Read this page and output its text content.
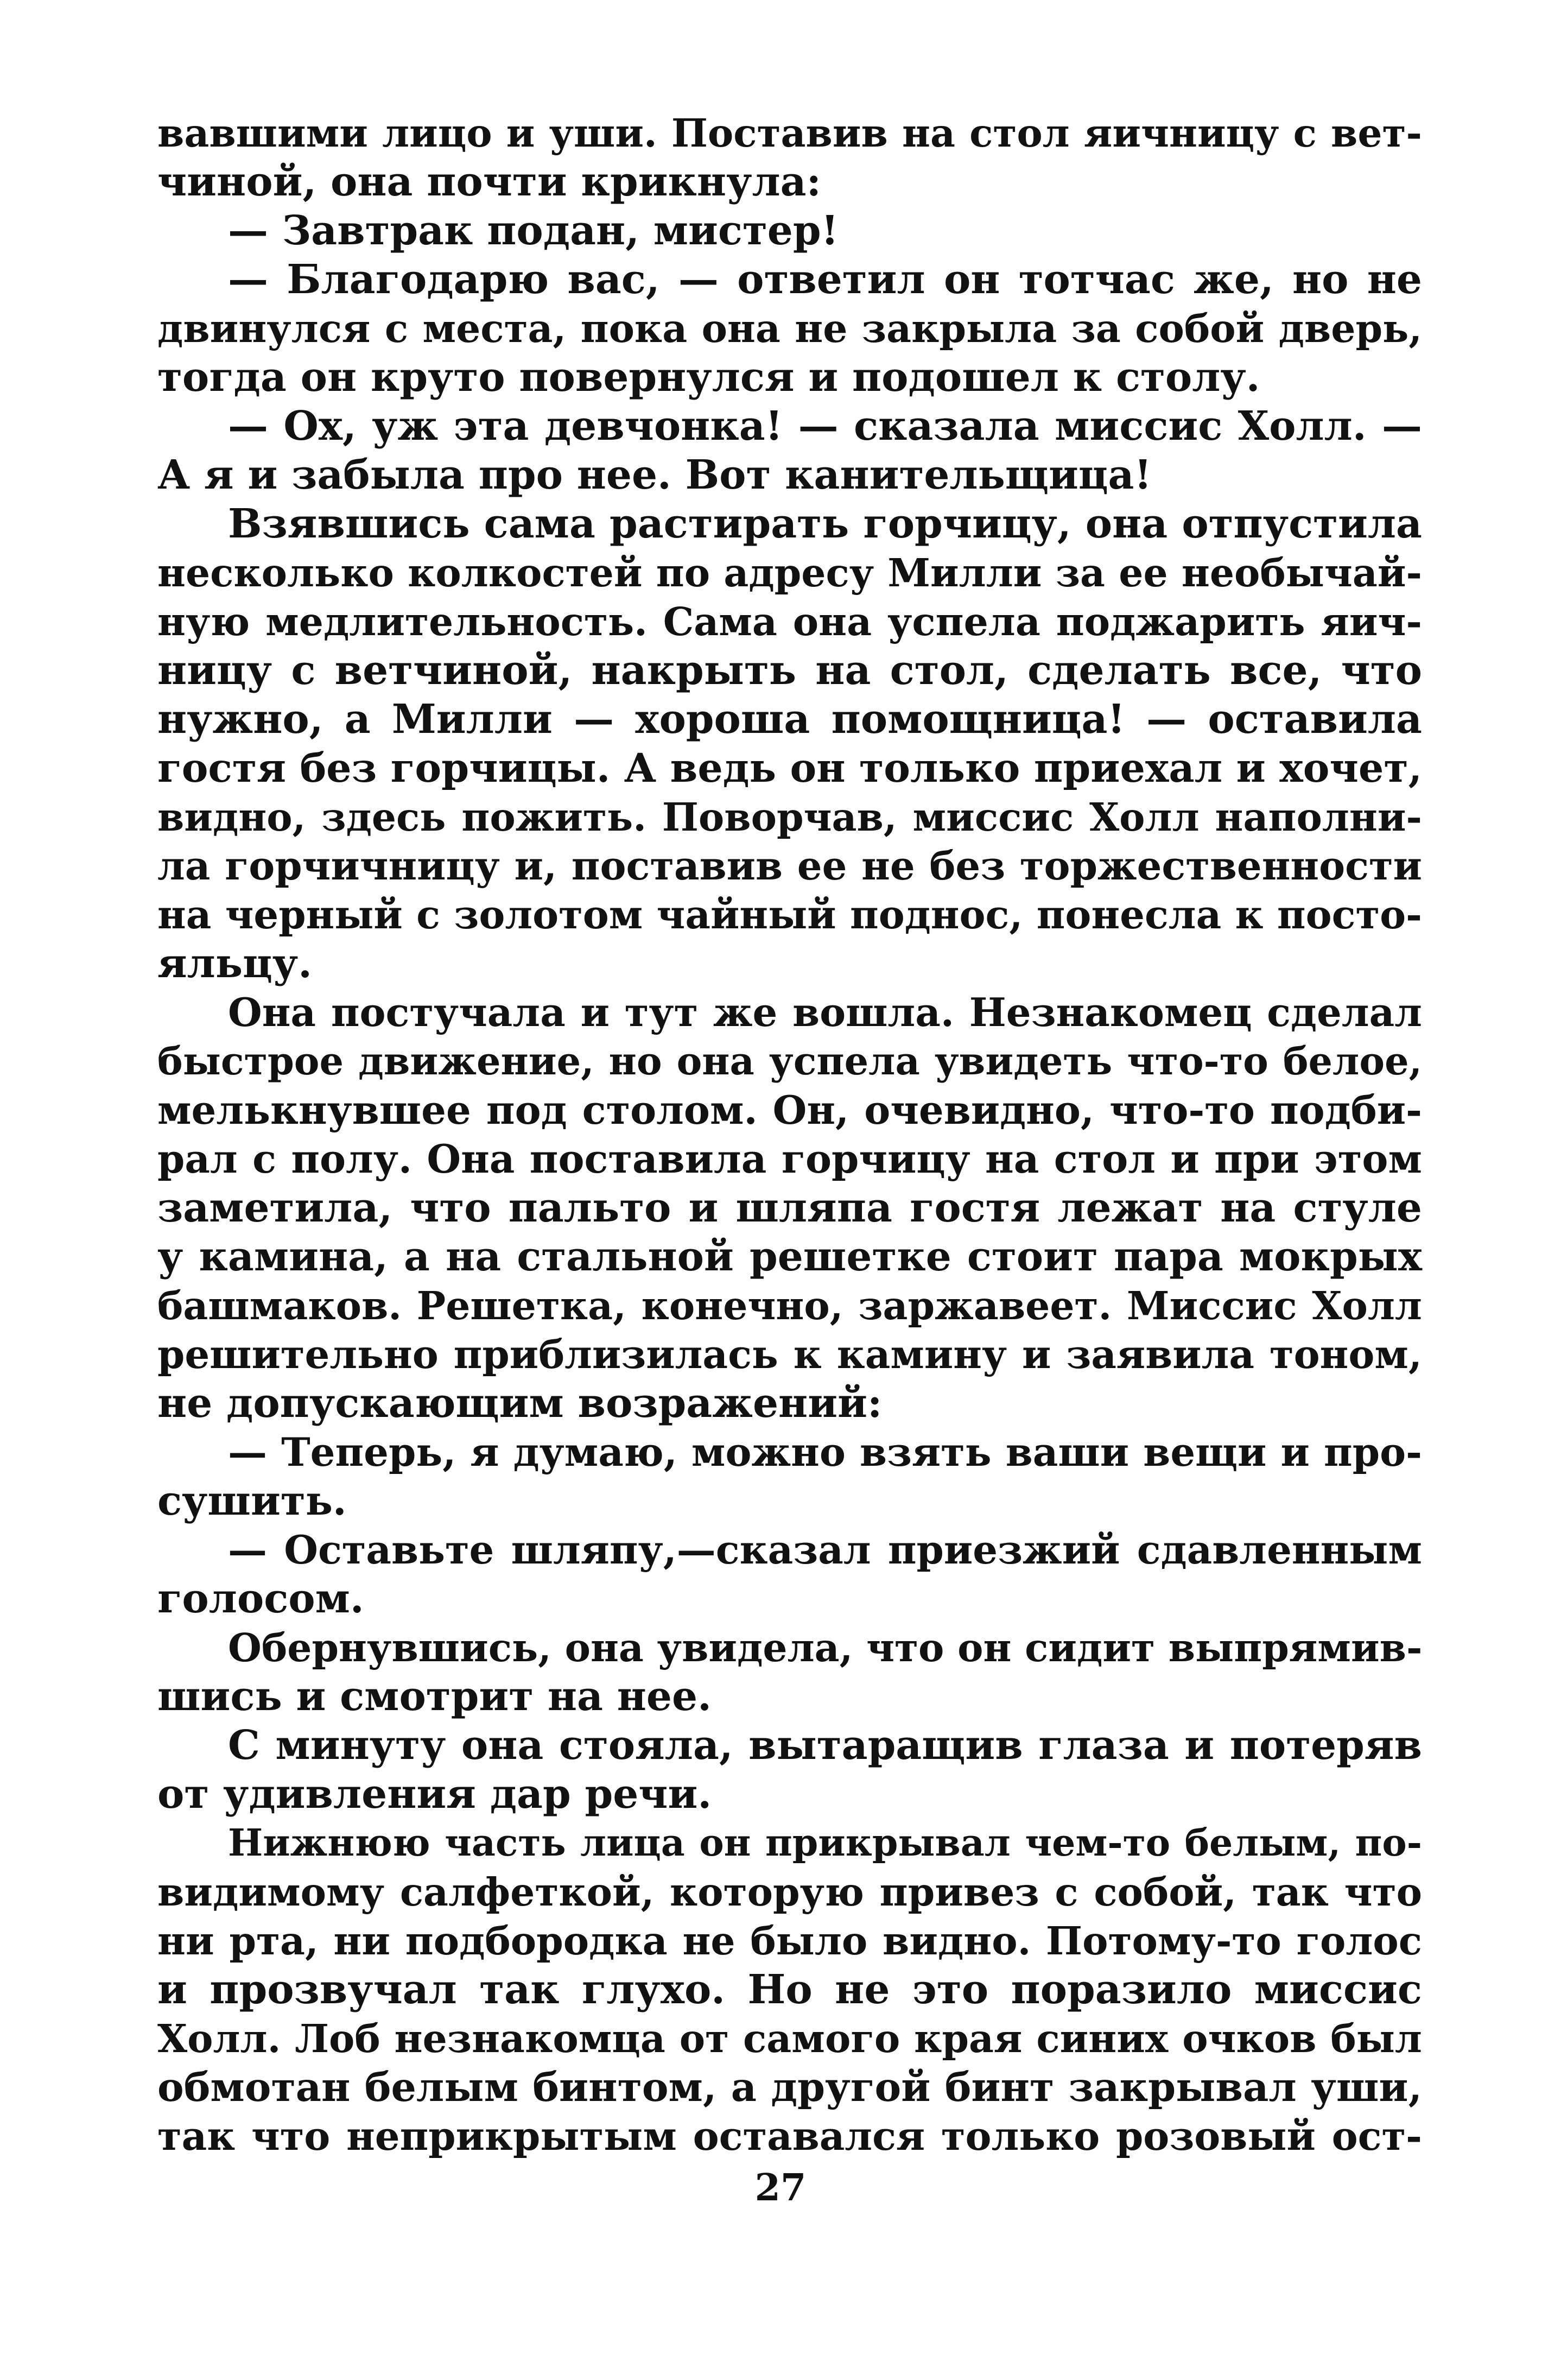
вавшими лицо и уши. Поставив на стол яичницу с вет-
чиной, она почти крикнула:
— Завтрак подан, мистер!
— Благодарю вас, — ответил он тотчас же, но не
двинулся с места, пока она не закрыла за собой дверь,
тогда он круто повернулся и подошел к столу.
— Ох, уж эта девчонка! — сказала миссис Холл. —
А я и забыла про нее. Вот канительщица!
Взявшись сама растирать горчицу, она отпустила
несколько колкостей по адресу Милли за ее необычай-
ную медлительность. Сама она успела поджарить яич-
ницу с ветчиной, накрыть на стол, сделать все, что
нужно, а Милли — хороша помощница! — оставила
гостя без горчицы. А ведь он только приехал и хочет,
видно, здесь пожить. Поворчав, миссис Холл наполни-
ла горчичницу и, поставив ее не без торжественности
на черный с золотом чайный поднос, понесла к посто-
яльцу.
Она постучала и тут же вошла. Незнакомец сделал
быстрое движение, но она успела увидеть что-то белое,
мелькнувшее под столом. Он, очевидно, что-то подби-
рал с полу. Она поставила горчицу на стол и при этом
заметила, что пальто и шляпа гостя лежат на стуле
у камина, а на стальной решетке стоит пара мокрых
башмаков. Решетка, конечно, заржавеет. Миссис Холл
решительно приблизилась к камину и заявила тоном,
не допускающим возражений:
— Теперь, я думаю, можно взять ваши вещи и про-
сушить.
— Оставьте шляпу,—сказал приезжий сдавленным
голосом.
Обернувшись, она увидела, что он сидит выпрямив-
шись и смотрит на нее.
С минуту она стояла, вытаращив глаза и потеряв
от удивления дар речи.
Нижнюю часть лица он прикрывал чем-то белым, по-
видимому салфеткой, которую привез с собой, так что
ни рта, ни подбородка не было видно. Потому-то голос
и прозвучал так глухо. Но не это поразило миссис
Холл. Лоб незнакомца от самого края синих очков был
обмотан белым бинтом, а другой бинт закрывал уши,
так что неприкрытым оставался только розовый ост-
27
